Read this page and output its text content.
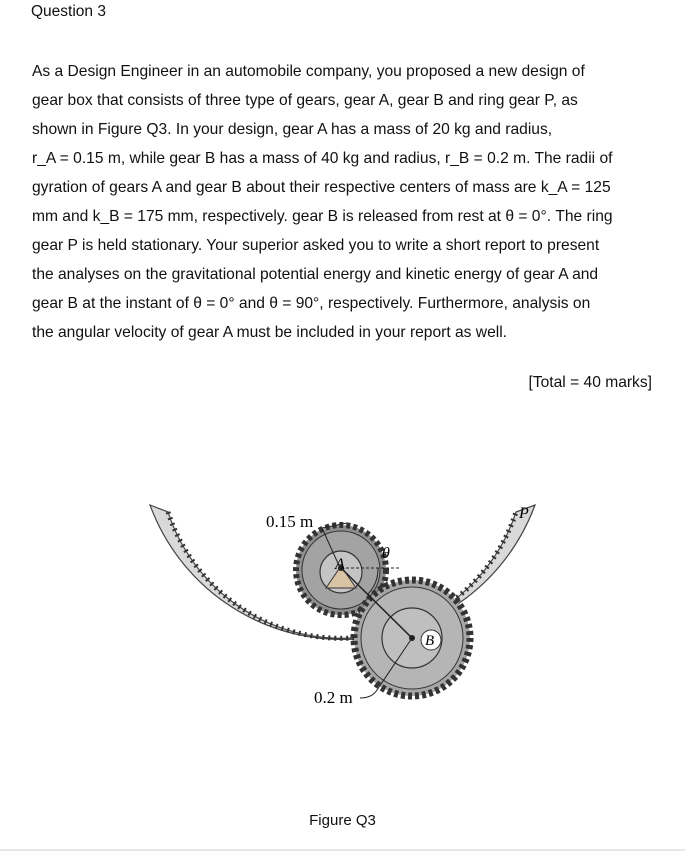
Question 3
As a Design Engineer in an automobile company, you proposed a new design of
gear box that consists of three type of gears, gear A, gear B and ring gear P, as
shown in Figure Q3. In your design, gear A has a mass of 20 kg and radius,
r_A = 0.15 m, while gear B has a mass of 40 kg and radius, r_B = 0.2 m. The radii of
gyration of gears A and gear B about their respective centers of mass are k_A = 125
mm and k_B = 175 mm, respectively. gear B is released from rest at θ = 0°. The ring
gear P is held stationary. Your superior asked you to write a short report to present
the analyses on the gravitational potential energy and kinetic energy of gear A and
gear B at the instant of θ = 0° and θ = 90°, respectively. Furthermore, analysis on
the angular velocity of gear A must be included in your report as well.
[Total = 40 marks]
0.15 m
A
θ
B
P
0.2 m
Figure Q3
